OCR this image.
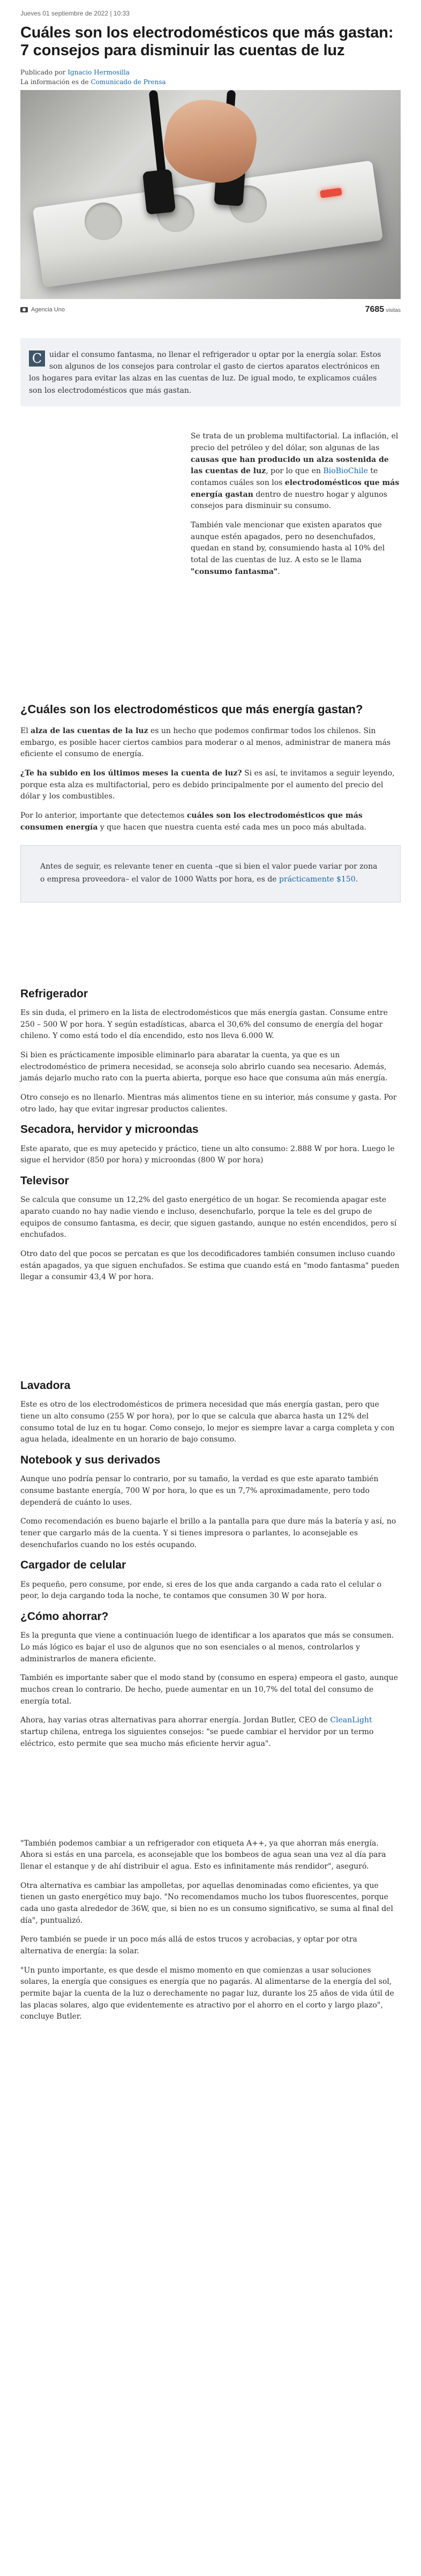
Jueves 01 septiembre de 2022 | 10:33
Cuáles son los electrodomésticos que más gastan: 7 consejos para disminuir las cuentas de luz
Publicado por Ignacio Hermosilla
La información es de Comunicado de Prensa
Agencia Uno	7685 visitas
C uidar el consumo fantasma, no llenar el refrigerador u optar por la energía solar. Estos son algunos de los consejos para controlar el gasto de ciertos aparatos electrónicos en los hogares para evitar las alzas en las cuentas de luz. De igual modo, te explicamos cuáles son los electrodomésticos que más gastan.

Se trata de un problema multifactorial. La inflación, el precio del petróleo y del dólar, son algunas de las causas que han producido un alza sostenida de las cuentas de luz, por lo que en BioBioChile te contamos cuáles son los electrodomésticos que más energía gastan dentro de nuestro hogar y algunos consejos para disminuir su consumo.

También vale mencionar que existen aparatos que aunque estén apagados, pero no desenchufados, quedan en stand by, consumiendo hasta al 10% del total de las cuentas de luz. A esto se le llama "consumo fantasma".

¿Cuáles son los electrodomésticos que más energía gastan?

El alza de las cuentas de la luz es un hecho que podemos confirmar todos los chilenos. Sin embargo, es posible hacer ciertos cambios para moderar o al menos, administrar de manera más eficiente el consumo de energía.

¿Te ha subido en los últimos meses la cuenta de luz? Si es así, te invitamos a seguir leyendo, porque esta alza es multifactorial, pero es debido principalmente por el aumento del precio del dólar y los combustibles.

Por lo anterior, importante que detectemos cuáles son los electrodomésticos que más consumen energía y que hacen que nuestra cuenta esté cada mes un poco más abultada.

Antes de seguir, es relevante tener en cuenta –que si bien el valor puede variar por zona o empresa proveedora– el valor de 1000 Watts por hora, es de prácticamente $150.

Refrigerador

Es sin duda, el primero en la lista de electrodomésticos que más energía gastan. Consume entre 250 – 500 W por hora. Y según estadísticas, abarca el 30,6% del consumo de energía del hogar chileno. Y como está todo el día encendido, esto nos lleva 6.000 W.

Si bien es prácticamente imposible eliminarlo para abaratar la cuenta, ya que es un electrodoméstico de primera necesidad, se aconseja solo abrirlo cuando sea necesario. Además, jamás dejarlo mucho rato con la puerta abierta, porque eso hace que consuma aún más energía.

Otro consejo es no llenarlo. Mientras más alimentos tiene en su interior, más consume y gasta. Por otro lado, hay que evitar ingresar productos calientes.

Secadora, hervidor y microondas

Este aparato, que es muy apetecido y práctico, tiene un alto consumo: 2.888 W por hora. Luego le sigue el hervidor (850 por hora) y microondas (800 W por hora)

Televisor

Se calcula que consume un 12,2% del gasto energético de un hogar. Se recomienda apagar este aparato cuando no hay nadie viendo e incluso, desenchufarlo, porque la tele es del grupo de equipos de consumo fantasma, es decir, que siguen gastando, aunque no estén encendidos, pero sí enchufados.

Otro dato del que pocos se percatan es que los decodificadores también consumen incluso cuando están apagados, ya que siguen enchufados. Se estima que cuando está en "modo fantasma" pueden llegar a consumir 43,4 W por hora.

Lavadora

Este es otro de los electrodomésticos de primera necesidad que más energía gastan, pero que tiene un alto consumo (255 W por hora), por lo que se calcula que abarca hasta un 12% del consumo total de luz en tu hogar. Como consejo, lo mejor es siempre lavar a carga completa y con agua helada, idealmente en un horario de bajo consumo.

Notebook y sus derivados

Aunque uno podría pensar lo contrario, por su tamaño, la verdad es que este aparato también consume bastante energía, 700 W por hora, lo que es un 7,7% aproximadamente, pero todo dependerá de cuánto lo uses.

Como recomendación es bueno bajarle el brillo a la pantalla para que dure más la batería y así, no tener que cargarlo más de la cuenta. Y si tienes impresora o parlantes, lo aconsejable es desenchufarlos cuando no los estés ocupando.

Cargador de celular

Es pequeño, pero consume, por ende, si eres de los que anda cargando a cada rato el celular o peor, lo deja cargando toda la noche, te contamos que consumen 30 W por hora.

¿Cómo ahorrar?

Es la pregunta que viene a continuación luego de identificar a los aparatos que más se consumen. Lo más lógico es bajar el uso de algunos que no son esenciales o al menos, controlarlos y administrarlos de manera eficiente.

También es importante saber que el modo stand by (consumo en espera) empeora el gasto, aunque muchos crean lo contrario. De hecho, puede aumentar en un 10,7% del total del consumo de energía total.

Ahora, hay varias otras alternativas para ahorrar energía. Jordan Butler, CEO de CleanLight startup chilena, entrega los siguientes consejos: "se puede cambiar el hervidor por un termo eléctrico, esto permite que sea mucho más eficiente hervir agua".

"También podemos cambiar a un refrigerador con etiqueta A++, ya que ahorran más energía. Ahora si estás en una parcela, es aconsejable que los bombeos de agua sean una vez al día para llenar el estanque y de ahí distribuir el agua. Esto es infinitamente más rendidor", aseguró.

Otra alternativa es cambiar las ampolletas, por aquellas denominadas como eficientes, ya que tienen un gasto energético muy bajo. "No recomendamos mucho los tubos fluorescentes, porque cada uno gasta alrededor de 36W, que, si bien no es un consumo significativo, se suma al final del día", puntualizó.

Pero también se puede ir un poco más allá de estos trucos y acrobacias, y optar por otra alternativa de energía: la solar.

"Un punto importante, es que desde el mismo momento en que comienzas a usar soluciones solares, la energía que consigues es energía que no pagarás. Al alimentarse de la energía del sol, permite bajar la cuenta de la luz o derechamente no pagar luz, durante los 25 años de vida útil de las placas solares, algo que evidentemente es atractivo por el ahorro en el corto y largo plazo", concluye Butler.
